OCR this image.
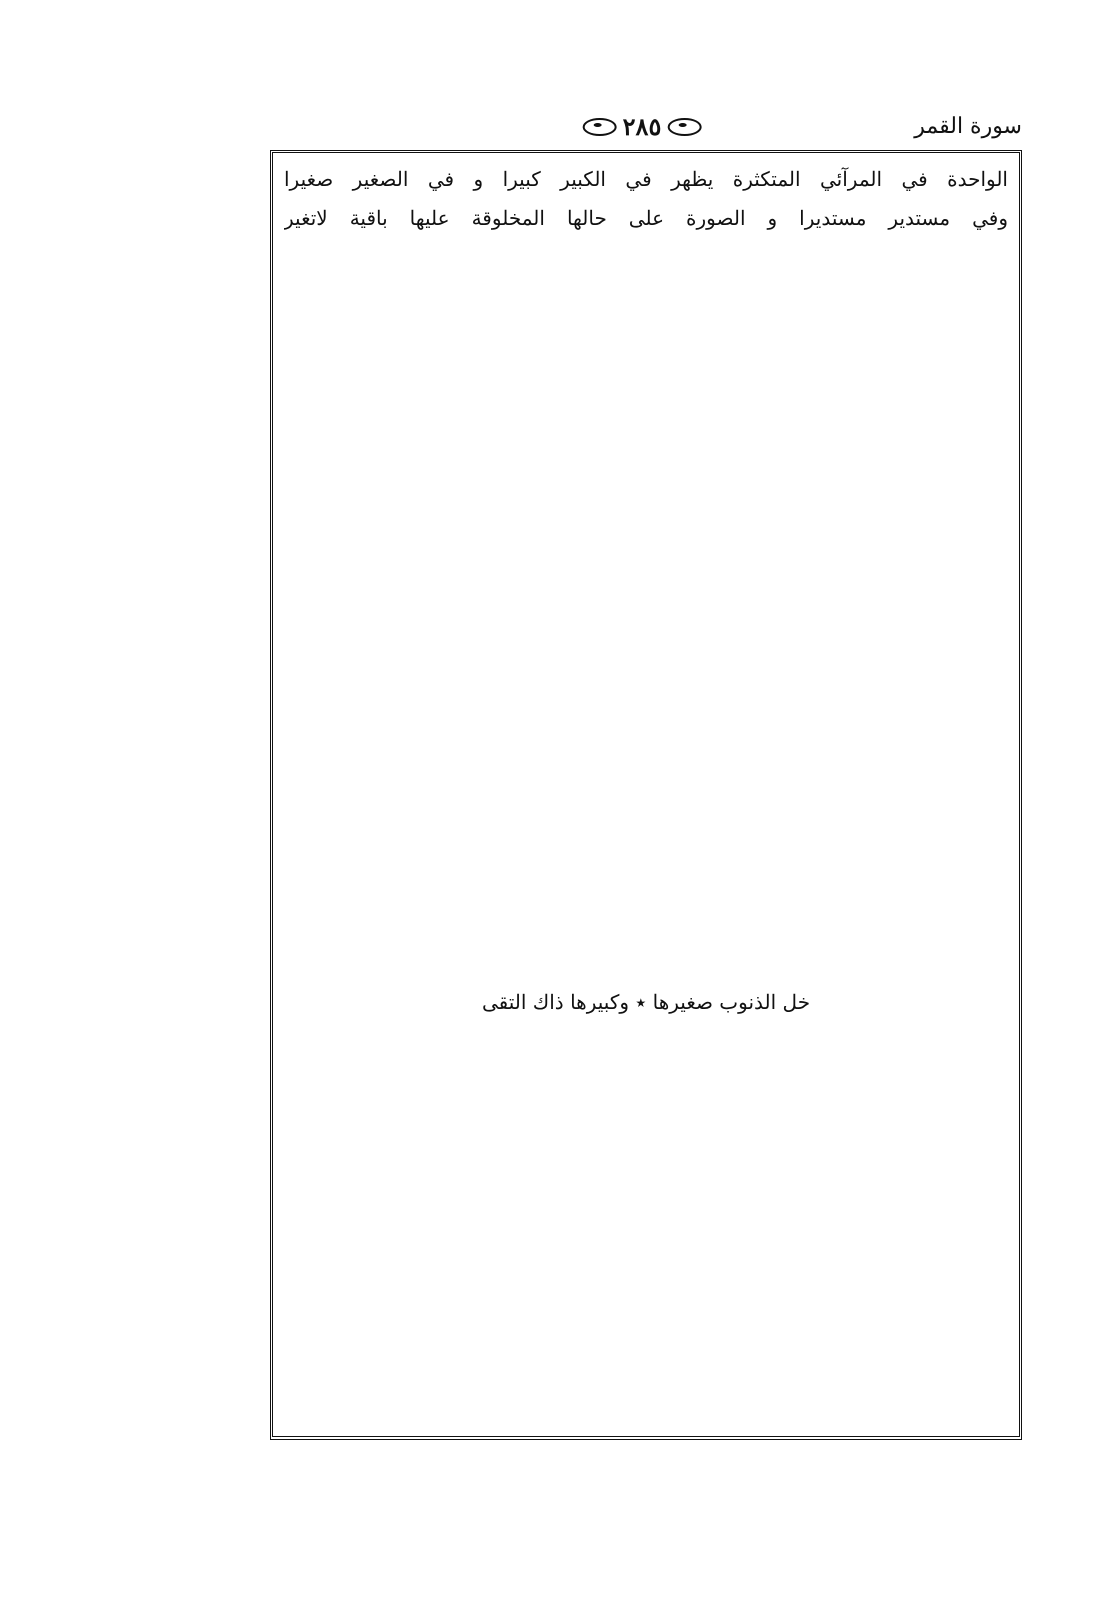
سورة القمر
٢٨٥
الواحدة في المرآئي المتكثرة يظهر في الكبير كبيرا و في الصغير صغيرا
وفي مستدير مستديرا و الصورة على حالها المخلوقة عليها باقية لاتغير
خل الذنوب صغيرها ٭ وكبيرها ذاك التقى
